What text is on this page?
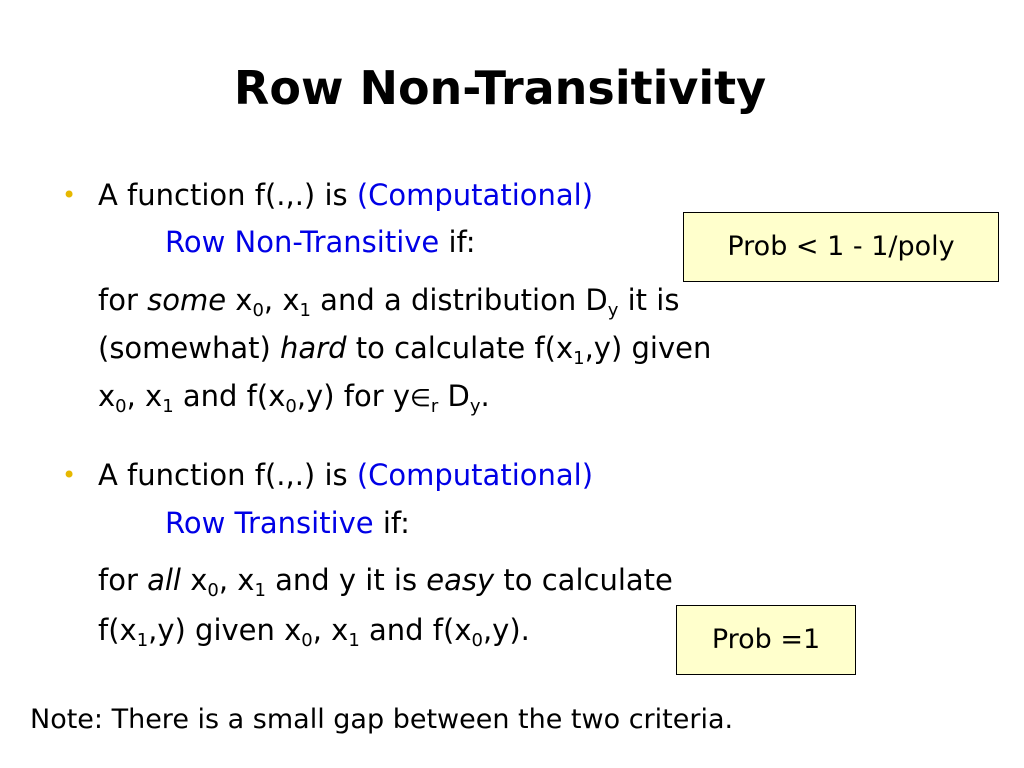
Row Non-Transitivity
• A function f(.,.) is (Computational)
Row Non-Transitive if:
for some $x_0$, $x_1$ and a distribution $D_y$ it is
(somewhat) hard to calculate $f(x_1,y)$ given
$x_0$, $x_1$ and $f(x_0,y)$ for $y\in_r$ $D_y$.
• A function f(.,.) is (Computational)
Row Transitive if:
for all $x_0$, $x_1$ and y it is easy to calculate
$f(x_1,y)$ given $x_0$, $x_1$ and $f(x_0,y)$.
Prob < 1 - 1/poly
Prob =1
Note: There is a small gap between the two criteria.
